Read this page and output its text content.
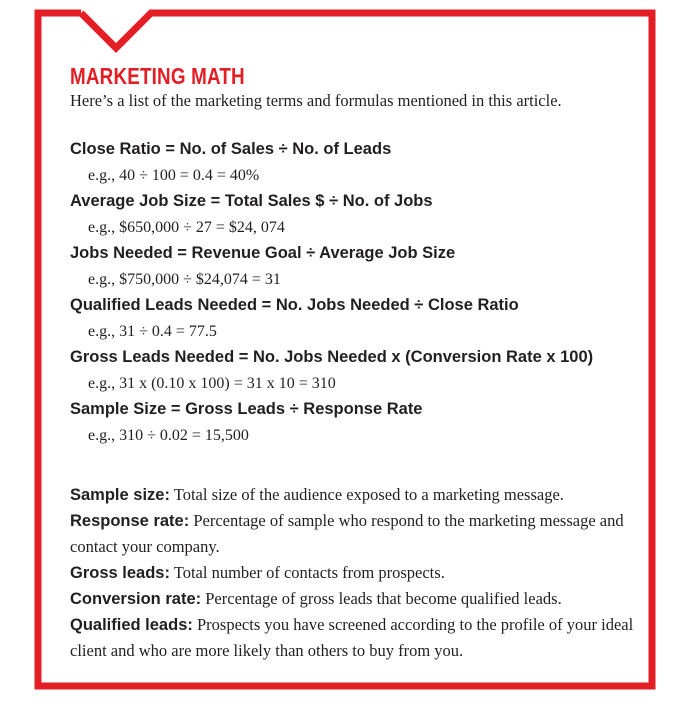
MARKETING MATH
Here’s a list of the marketing terms and formulas mentioned in this article.
Close Ratio = No. of Sales ÷ No. of Leads
e.g., 40 ÷ 100 = 0.4 = 40%
Average Job Size = Total Sales $ ÷ No. of Jobs
e.g., $650,000 ÷ 27 = $24, 074
Jobs Needed = Revenue Goal ÷ Average Job Size
e.g., $750,000 ÷ $24,074 = 31
Qualified Leads Needed = No. Jobs Needed ÷ Close Ratio
e.g., 31 ÷ 0.4 = 77.5
Gross Leads Needed = No. Jobs Needed x (Conversion Rate x 100)
e.g., 31 x (0.10 x 100) = 31 x 10 = 310
Sample Size = Gross Leads ÷ Response Rate
e.g., 310 ÷ 0.02 = 15,500
Sample size: Total size of the audience exposed to a marketing message.
Response rate: Percentage of sample who respond to the marketing message and contact your company.
Gross leads: Total number of contacts from prospects.
Conversion rate: Percentage of gross leads that become qualified leads.
Qualified leads: Prospects you have screened according to the profile of your ideal client and who are more likely than others to buy from you.
